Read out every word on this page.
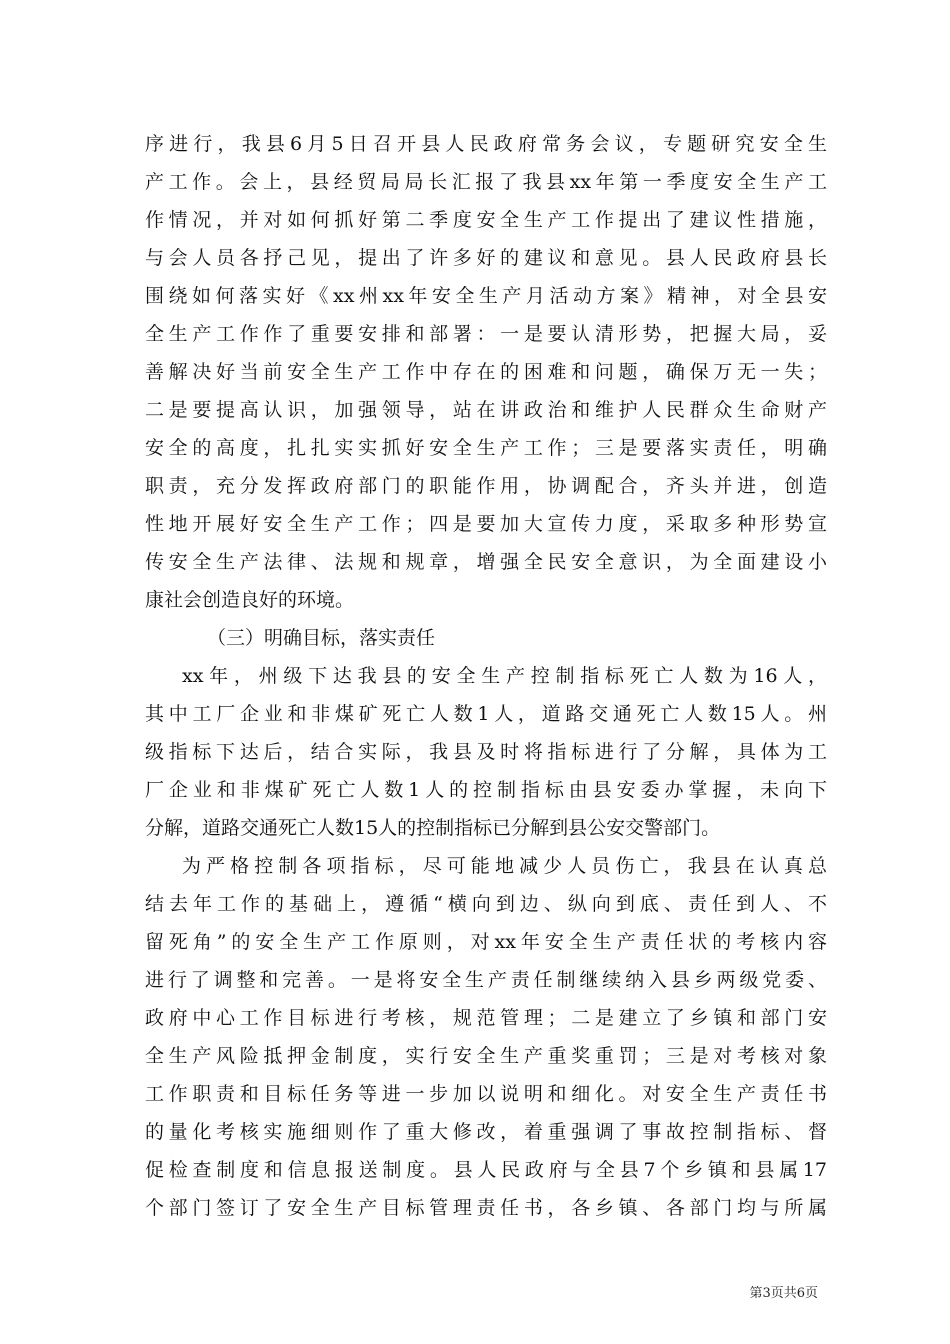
序进行，我县6月5日召开县人民政府常务会议，专题研究安全生
产工作。会上，县经贸局局长汇报了我县xx年第一季度安全生产工
作情况，并对如何抓好第二季度安全生产工作提出了建议性措施，
与会人员各抒己见，提出了许多好的建议和意见。县人民政府县长
围绕如何落实好《xx州xx年安全生产月活动方案》精神，对全县安
全生产工作作了重要安排和部署：一是要认清形势，把握大局，妥
善解决好当前安全生产工作中存在的困难和问题，确保万无一失；
二是要提高认识，加强领导，站在讲政治和维护人民群众生命财产
安全的高度，扎扎实实抓好安全生产工作；三是要落实责任，明确
职责，充分发挥政府部门的职能作用，协调配合，齐头并进，创造
性地开展好安全生产工作；四是要加大宣传力度，采取多种形势宣
传安全生产法律、法规和规章，增强全民安全意识，为全面建设小
康社会创造良好的环境。
（三）明确目标，落实责任
xx年，州级下达我县的安全生产控制指标死亡人数为16人，
其中工厂企业和非煤矿死亡人数1人，道路交通死亡人数15人。州
级指标下达后，结合实际，我县及时将指标进行了分解，具体为工
厂企业和非煤矿死亡人数1人的控制指标由县安委办掌握，未向下
分解，道路交通死亡人数15人的控制指标已分解到县公安交警部门。
为严格控制各项指标，尽可能地减少人员伤亡，我县在认真总
结去年工作的基础上，遵循“横向到边、纵向到底、责任到人、不
留死角”的安全生产工作原则，对xx年安全生产责任状的考核内容
进行了调整和完善。一是将安全生产责任制继续纳入县乡两级党委、
政府中心工作目标进行考核，规范管理；二是建立了乡镇和部门安
全生产风险抵押金制度，实行安全生产重奖重罚；三是对考核对象
工作职责和目标任务等进一步加以说明和细化。对安全生产责任书
的量化考核实施细则作了重大修改，着重强调了事故控制指标、督
促检查制度和信息报送制度。县人民政府与全县7个乡镇和县属17
个部门签订了安全生产目标管理责任书，各乡镇、各部门均与所属
第3页共6页
